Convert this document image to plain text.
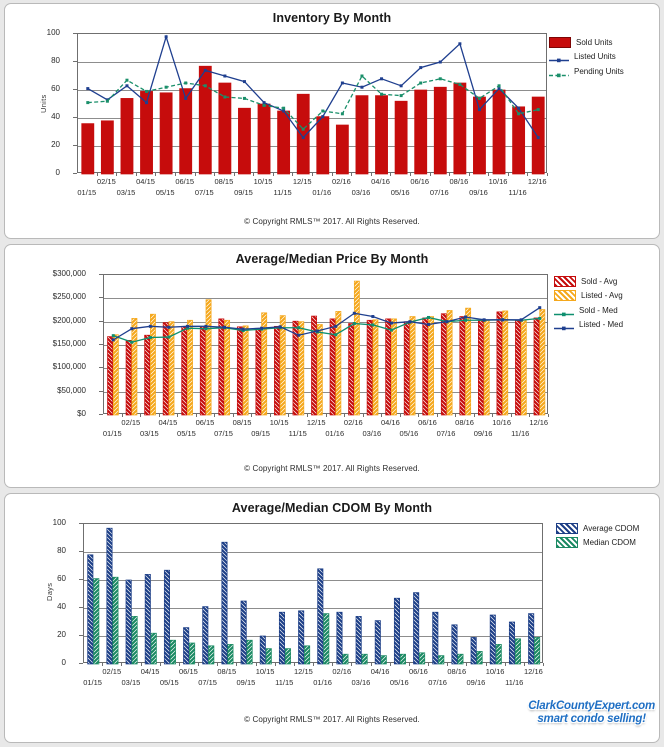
Inventory By Month
0
20
40
60
80
100
Units
01/15
02/15
03/15
04/15
05/15
06/15
07/15
08/15
09/15
10/15
11/15
12/15
01/16
02/16
03/16
04/16
05/16
06/16
07/16
08/16
09/16
10/16
11/16
12/16
Sold Units
Listed Units
Pending Units
© Copyright RMLS™ 2017. All Rights Reserved.
Average/Median Price By Month
$0
$50,000
$100,000
$150,000
$200,000
$250,000
$300,000
01/15
02/15
03/15
04/15
05/15
06/15
07/15
08/15
09/15
10/15
11/15
12/15
01/16
02/16
03/16
04/16
05/16
06/16
07/16
08/16
09/16
10/16
11/16
12/16
Sold - Avg
Listed - Avg
Sold - Med
Listed - Med
© Copyright RMLS™ 2017. All Rights Reserved.
Average/Median CDOM By Month
0
20
40
60
80
100
Days
01/15
02/15
03/15
04/15
05/15
06/15
07/15
08/15
09/15
10/15
11/15
12/15
01/16
02/16
03/16
04/16
05/16
06/16
07/16
08/16
09/16
10/16
11/16
12/16
Average CDOM
Median CDOM
© Copyright RMLS™ 2017. All Rights Reserved.
ClarkCountyExpert.com
smart condo selling!
